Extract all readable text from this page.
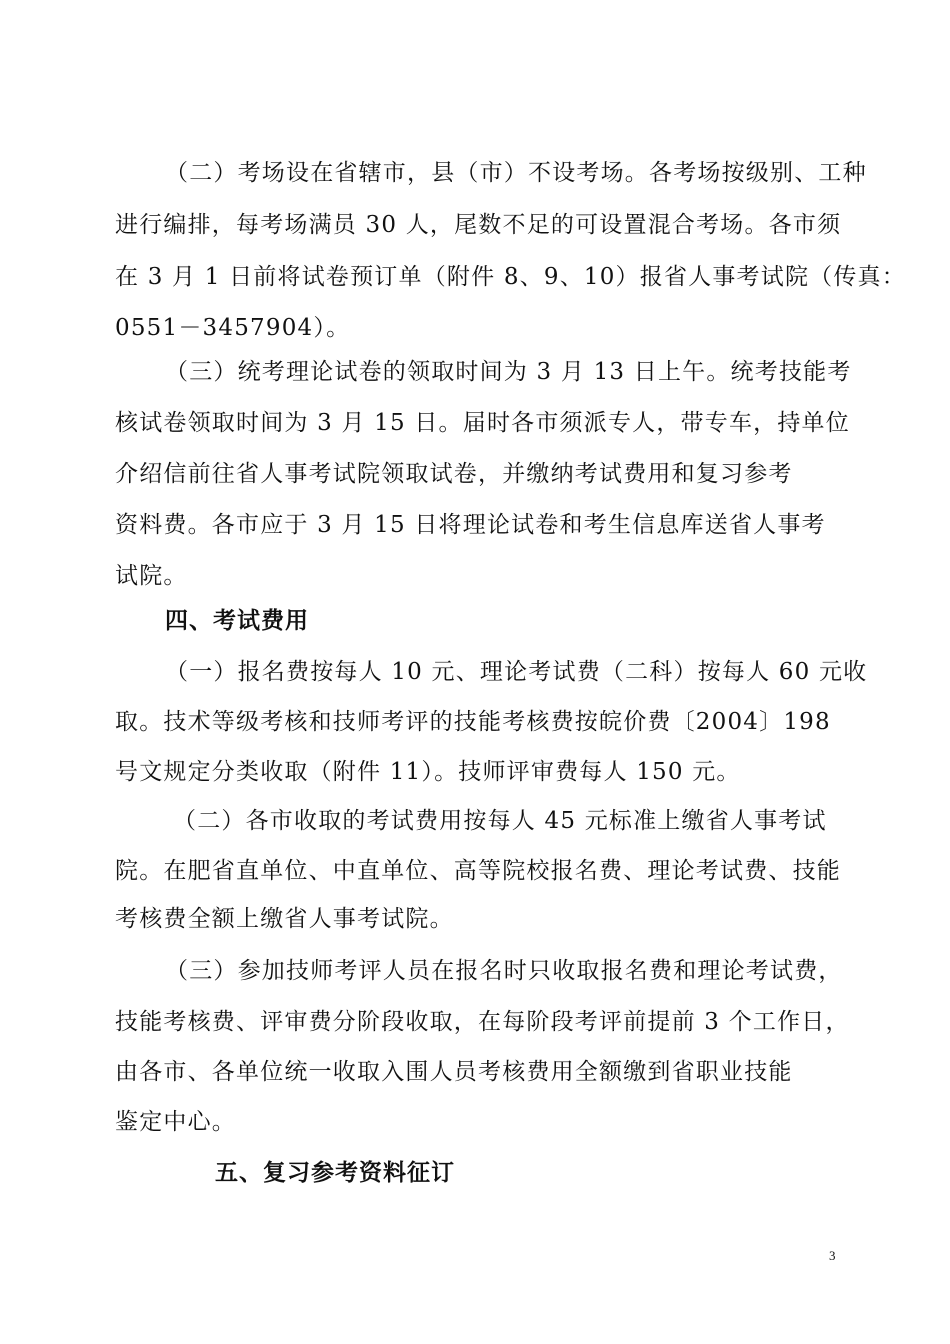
（二）考场设在省辖市，县（市）不设考场。各考场按级别、工种
进行编排，每考场满员 30 人，尾数不足的可设置混合考场。各市须
在 3 月 1 日前将试卷预订单（附件 8、9、10）报省人事考试院（传真：
0551－3457904）。
（三）统考理论试卷的领取时间为 3 月 13 日上午。统考技能考
核试卷领取时间为 3 月 15 日。届时各市须派专人，带专车，持单位
介绍信前往省人事考试院领取试卷，并缴纳考试费用和复习参考
资料费。各市应于 3 月 15 日将理论试卷和考生信息库送省人事考
试院。
四、考试费用
（一）报名费按每人 10 元、理论考试费（二科）按每人 60 元收
取。技术等级考核和技师考评的技能考核费按皖价费〔2004〕198
号文规定分类收取（附件 11）。技师评审费每人 150 元。
（二）各市收取的考试费用按每人 45 元标准上缴省人事考试
院。在肥省直单位、中直单位、高等院校报名费、理论考试费、技能
考核费全额上缴省人事考试院。
（三）参加技师考评人员在报名时只收取报名费和理论考试费，
技能考核费、评审费分阶段收取，在每阶段考评前提前 3 个工作日，
由各市、各单位统一收取入围人员考核费用全额缴到省职业技能
鉴定中心。
五、复习参考资料征订
3
